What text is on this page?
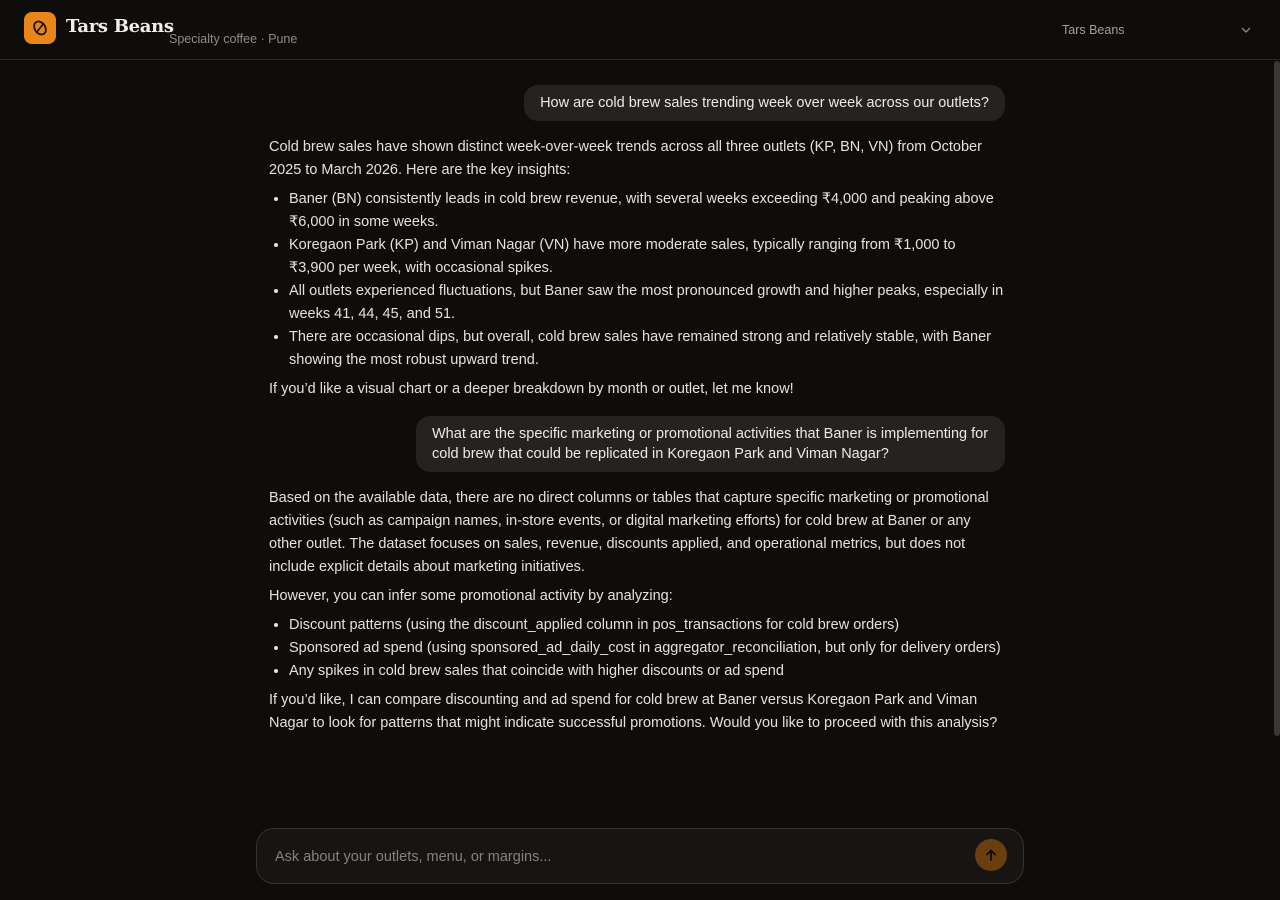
Tars Beans
Specialty coffee · Pune
Tars Beans
How are cold brew sales trending week over week across our outlets?

Cold brew sales have shown distinct week-over-week trends across all three outlets (KP, BN, VN) from October 2025 to March 2026. Here are the key insights:

• Baner (BN) consistently leads in cold brew revenue, with several weeks exceeding ₹4,000 and peaking above ₹6,000 in some weeks.
• Koregaon Park (KP) and Viman Nagar (VN) have more moderate sales, typically ranging from ₹1,000 to ₹3,900 per week, with occasional spikes.
• All outlets experienced fluctuations, but Baner saw the most pronounced growth and higher peaks, especially in weeks 41, 44, 45, and 51.
• There are occasional dips, but overall, cold brew sales have remained strong and relatively stable, with Baner showing the most robust upward trend.

If you’d like a visual chart or a deeper breakdown by month or outlet, let me know!

What are the specific marketing or promotional activities that Baner is implementing for cold brew that could be replicated in Koregaon Park and Viman Nagar?

Based on the available data, there are no direct columns or tables that capture specific marketing or promotional activities (such as campaign names, in-store events, or digital marketing efforts) for cold brew at Baner or any other outlet. The dataset focuses on sales, revenue, discounts applied, and operational metrics, but does not include explicit details about marketing initiatives.

However, you can infer some promotional activity by analyzing:

• Discount patterns (using the discount_applied column in pos_transactions for cold brew orders)
• Sponsored ad spend (using sponsored_ad_daily_cost in aggregator_reconciliation, but only for delivery orders)
• Any spikes in cold brew sales that coincide with higher discounts or ad spend

If you’d like, I can compare discounting and ad spend for cold brew at Baner versus Koregaon Park and Viman Nagar to look for patterns that might indicate successful promotions. Would you like to proceed with this analysis?

Ask about your outlets, menu, or margins...
